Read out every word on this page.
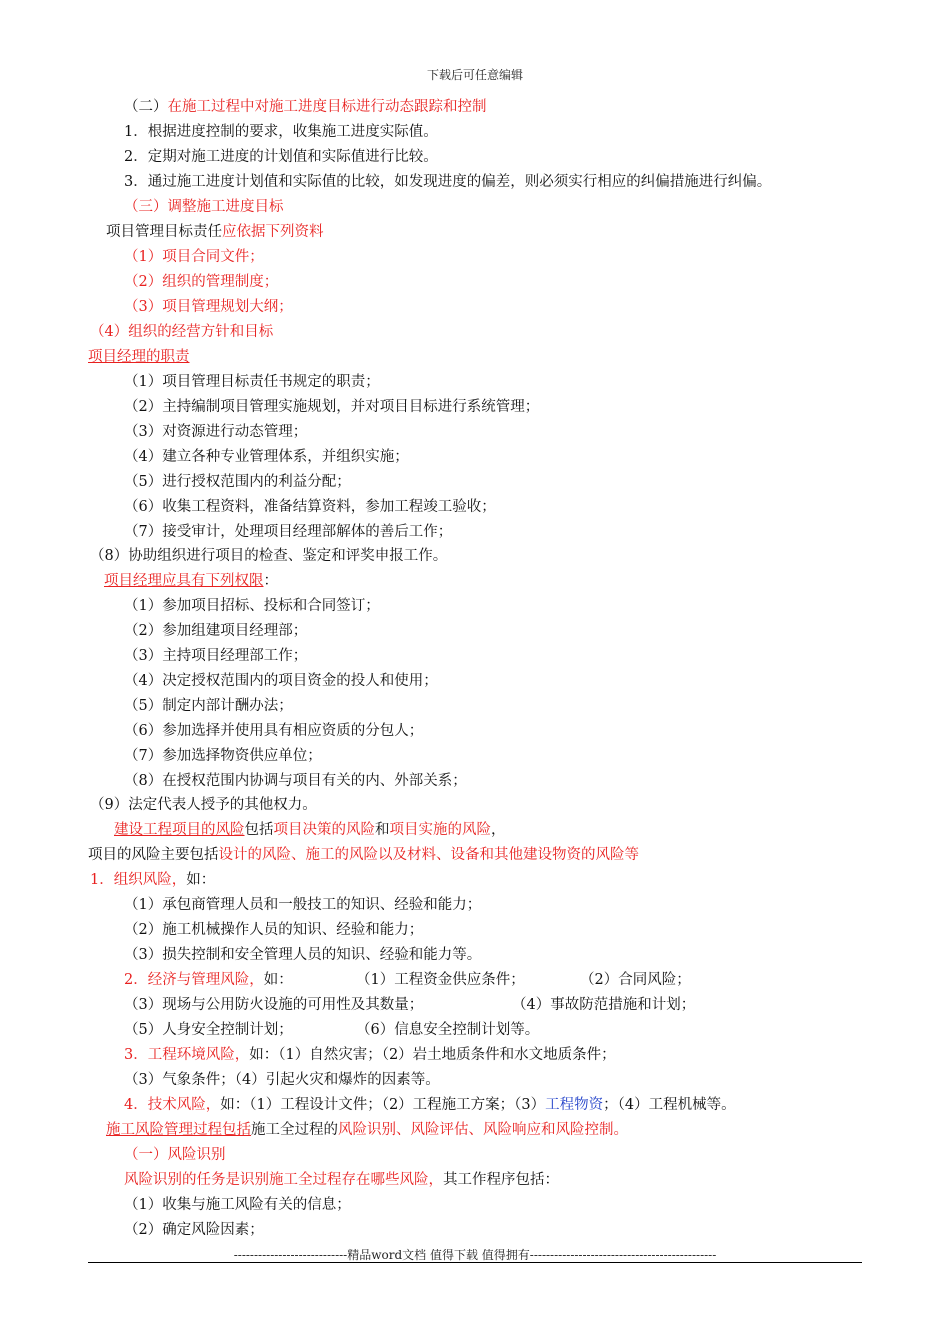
下载后可任意编辑
（二）在施工过程中对施工进度目标进行动态跟踪和控制
1．根据进度控制的要求，收集施工进度实际值。
2．定期对施工进度的计划值和实际值进行比较。
3．通过施工进度计划值和实际值的比较，如发现进度的偏差，则必须实行相应的纠偏措施进行纠偏。
（三）调整施工进度目标
项目管理目标责任应依据下列资料
（1）项目合同文件；
（2）组织的管理制度；
（3）项目管理规划大纲；
（4）组织的经营方针和目标
项目经理的职责
（1）项目管理目标责任书规定的职责；
（2）主持编制项目管理实施规划，并对项目目标进行系统管理；
（3）对资源进行动态管理；
（4）建立各种专业管理体系，并组织实施；
（5）进行授权范围内的利益分配；
（6）收集工程资料，准备结算资料，参加工程竣工验收；
（7）接受审计，处理项目经理部解体的善后工作；
（8）协助组织进行项目的检查、鉴定和评奖申报工作。
项目经理应具有下列权限：
（1）参加项目招标、投标和合同签订；
（2）参加组建项目经理部；
（3）主持项目经理部工作；
（4）决定授权范围内的项目资金的投人和使用；
（5）制定内部计酬办法；
（6）参加选择并使用具有相应资质的分包人；
（7）参加选择物资供应单位；
（8）在授权范围内协调与项目有关的内、外部关系；
（9）法定代表人授予的其他权力。
建设工程项目的风险包括项目决策的风险和项目实施的风险，
项目的风险主要包括设计的风险、施工的风险以及材料、设备和其他建设物资的风险等
1．组织风险，如：
（1）承包商管理人员和一般技工的知识、经验和能力；
（2）施工机械操作人员的知识、经验和能力；
（3）损失控制和安全管理人员的知识、经验和能力等。
2．经济与管理风险，如：	（1）工程资金供应条件；	（2）合同风险；
（3）现场与公用防火设施的可用性及其数量；	（4）事故防范措施和计划；
（5）人身安全控制计划；	（6）信息安全控制计划等。
3．工程环境风险，如：（1）自然灾害；（2）岩土地质条件和水文地质条件；
（3）气象条件；（4）引起火灾和爆炸的因素等。
4．技术风险，如：（1）工程设计文件；（2）工程施工方案；（3）工程物资；（4）工程机械等。
施工风险管理过程包括施工全过程的风险识别、风险评估、风险响应和风险控制。
（一）风险识别
风险识别的任务是识别施工全过程存在哪些风险，其工作程序包括：
（1）收集与施工风险有关的信息；
（2）确定风险因素；
----------------------------精品word文档 值得下载 值得拥有----------------------------------------------
